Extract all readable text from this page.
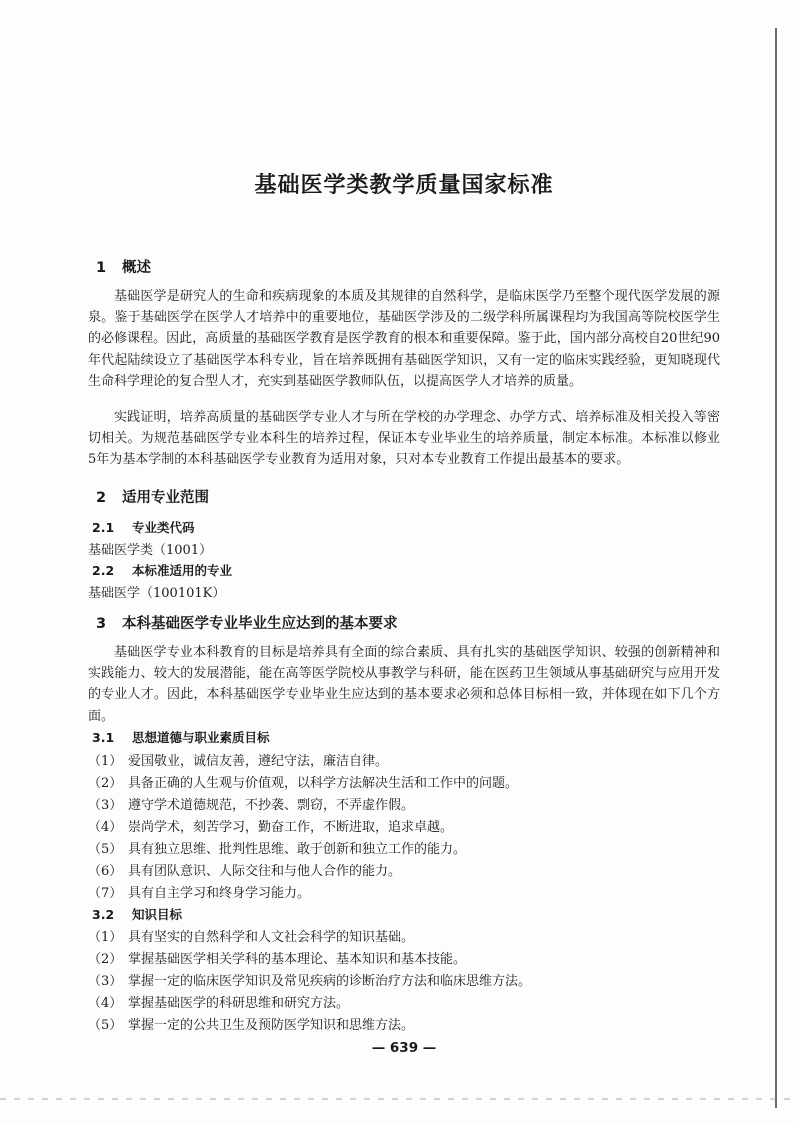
基础医学类教学质量国家标准
1 概述

基础医学是研究人的生命和疾病现象的本质及其规律的自然科学，是临床医学乃至整个现代医学发展的源泉。鉴于基础医学在医学人才培养中的重要地位，基础医学涉及的二级学科所属课程均为我国高等院校医学生的必修课程。因此，高质量的基础医学教育是医学教育的根本和重要保障。鉴于此，国内部分高校自20世纪90年代起陆续设立了基础医学本科专业，旨在培养既拥有基础医学知识，又有一定的临床实践经验，更知晓现代生命科学理论的复合型人才，充实到基础医学教师队伍，以提高医学人才培养的质量。

实践证明，培养高质量的基础医学专业人才与所在学校的办学理念、办学方式、培养标准及相关投入等密切相关。为规范基础医学专业本科生的培养过程，保证本专业毕业生的培养质量，制定本标准。本标准以修业5年为基本学制的本科基础医学专业教育为适用对象，只对本专业教育工作提出最基本的要求。

2 适用专业范围
2.1 专业类代码
基础医学类（1001）
2.2 本标准适用的专业
基础医学（100101K）
3 本科基础医学专业毕业生应达到的基本要求

基础医学专业本科教育的目标是培养具有全面的综合素质、具有扎实的基础医学知识、较强的创新精神和实践能力、较大的发展潜能，能在高等医学院校从事教学与科研，能在医药卫生领域从事基础研究与应用开发的专业人才。因此，本科基础医学专业毕业生应达到的基本要求必须和总体目标相一致，并体现在如下几个方面。

3.1 思想道德与职业素质目标
（1） 爱国敬业，诚信友善，遵纪守法，廉洁自律。
（2） 具备正确的人生观与价值观，以科学方法解决生活和工作中的问题。
（3） 遵守学术道德规范，不抄袭、剽窃，不弄虚作假。
（4） 崇尚学术，刻苦学习，勤奋工作，不断进取，追求卓越。
（5） 具有独立思维、批判性思维、敢于创新和独立工作的能力。
（6） 具有团队意识、人际交往和与他人合作的能力。
（7） 具有自主学习和终身学习能力。
3.2 知识目标
（1） 具有坚实的自然科学和人文社会科学的知识基础。
（2） 掌握基础医学相关学科的基本理论、基本知识和基本技能。
（3） 掌握一定的临床医学知识及常见疾病的诊断治疗方法和临床思维方法。
（4） 掌握基础医学的科研思维和研究方法。
（5） 掌握一定的公共卫生及预防医学知识和思维方法。
— 639 —
